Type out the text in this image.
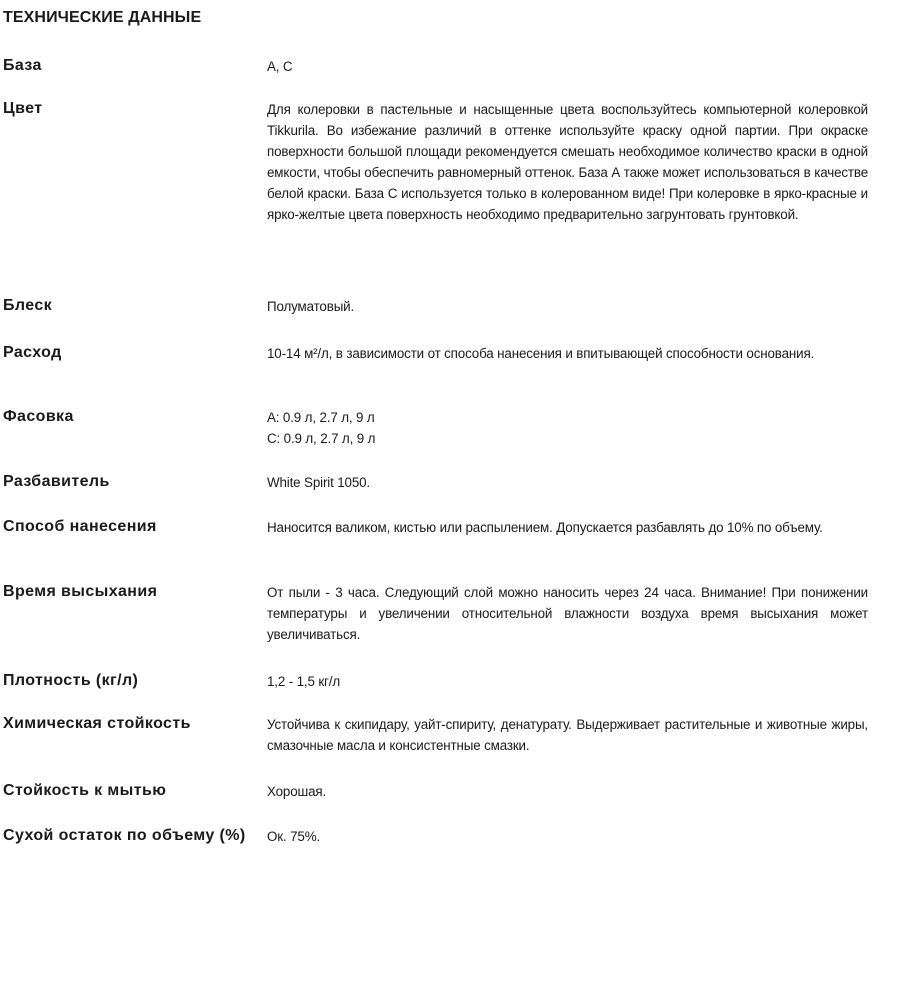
ТЕХНИЧЕСКИЕ ДАННЫЕ
База	A, C
Цвет	Для колеровки в пастельные и насыщенные цвета воспользуйтесь компьютерной колеровкой Tikkurila. Во избежание различий в оттенке используйте краску одной партии. При окраске поверхности большой площади рекомендуется смешать необходимое количество краски в одной емкости, чтобы обеспечить равномерный оттенок. База А также может использоваться в качестве белой краски. База С используется только в колерованном виде! При колеровке в ярко-красные и ярко-желтые цвета поверхность необходимо предварительно загрунтовать грунтовкой.
Блеск	Полуматовый.
Расход	10-14 м²/л, в зависимости от способа нанесения и впитывающей способности основания.
Фасовка	A: 0.9 л, 2.7 л, 9 л
C: 0.9 л, 2.7 л, 9 л
Разбавитель	White Spirit 1050.
Способ нанесения	Наносится валиком, кистью или распылением. Допускается разбавлять до 10% по объему.
Время высыхания	От пыли - 3 часа. Следующий слой можно наносить через 24 часа. Внимание! При понижении температуры и увеличении относительной влажности воздуха время высыхания может увеличиваться.
Плотность (кг/л)	1,2 - 1,5 кг/л
Химическая стойкость	Устойчива к скипидару, уайт-спириту, денатурату. Выдерживает растительные и животные жиры, смазочные масла и консистентные смазки.
Стойкость к мытью	Хорошая.
Сухой остаток по объему (%)	Ок. 75%.
